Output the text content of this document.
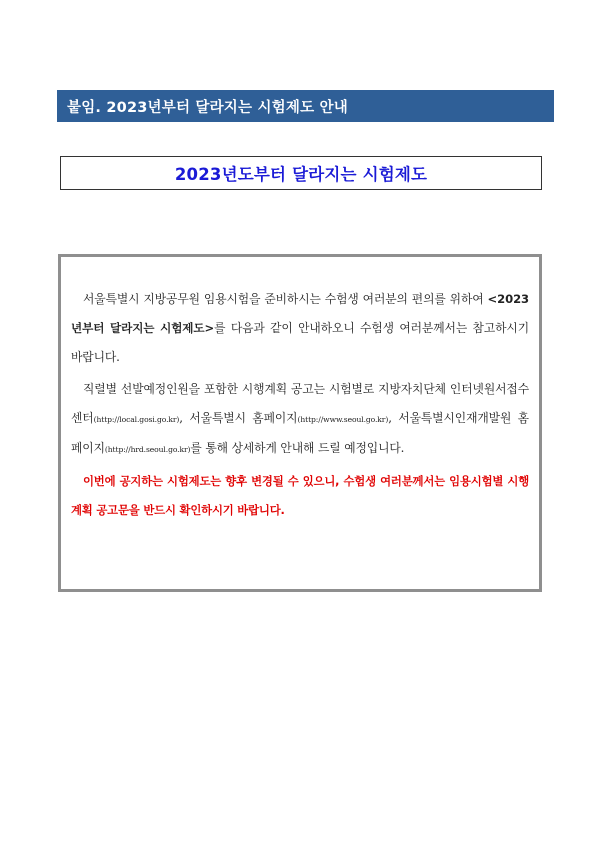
붙임. 2023년부터 달라지는 시험제도 안내
2023년도부터 달라지는 시험제도

서울특별시 지방공무원 임용시험을 준비하시는 수험생 여러분의 편의를 위하여 <2023년부터 달라지는 시험제도>를 다음과 같이 안내하오니 수험생 여러분께서는 참고하시기 바랍니다.

직렬별 선발예정인원을 포함한 시행계획 공고는 시험별로 지방자치단체 인터넷원서접수센터(http://local.gosi.go.kr), 서울특별시 홈페이지(http://www.seoul.go.kr), 서울특별시인재개발원 홈페이지(http://hrd.seoul.go.kr)를 통해 상세하게 안내해 드릴 예정입니다.

이번에 공지하는 시험제도는 향후 변경될 수 있으니, 수험생 여러분께서는 임용시험별 시행계획 공고문을 반드시 확인하시기 바랍니다.
